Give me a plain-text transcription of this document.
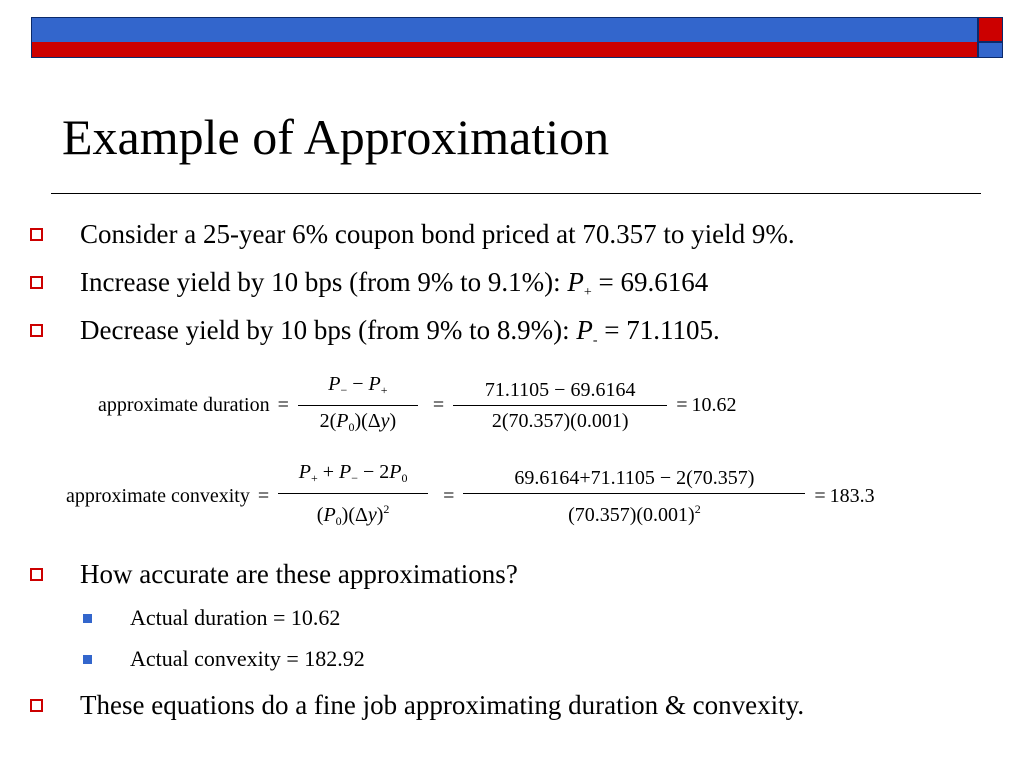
Example of Approximation
Consider a 25-year 6% coupon bond priced at 70.357 to yield 9%.
Increase yield by 10 bps (from 9% to 9.1%): $P_+ = 69.6164$
Decrease yield by 10 bps (from 9% to 8.9%): $P_- = 71.1105$.
approximate duration = $\frac{P_- - P_+}{2(P_0)(\Delta y)} = \frac{71.1105 - 69.6164}{2(70.357)(0.001)} = 10.62$
approximate convexity = $\frac{P_+ + P_- - 2P_0}{(P_0)(\Delta y)^2} = \frac{69.6164+71.1105 - 2(70.357)}{(70.357)(0.001)^2} = 183.3$
How accurate are these approximations?
Actual duration = 10.62
Actual convexity = 182.92
These equations do a fine job approximating duration & convexity.
